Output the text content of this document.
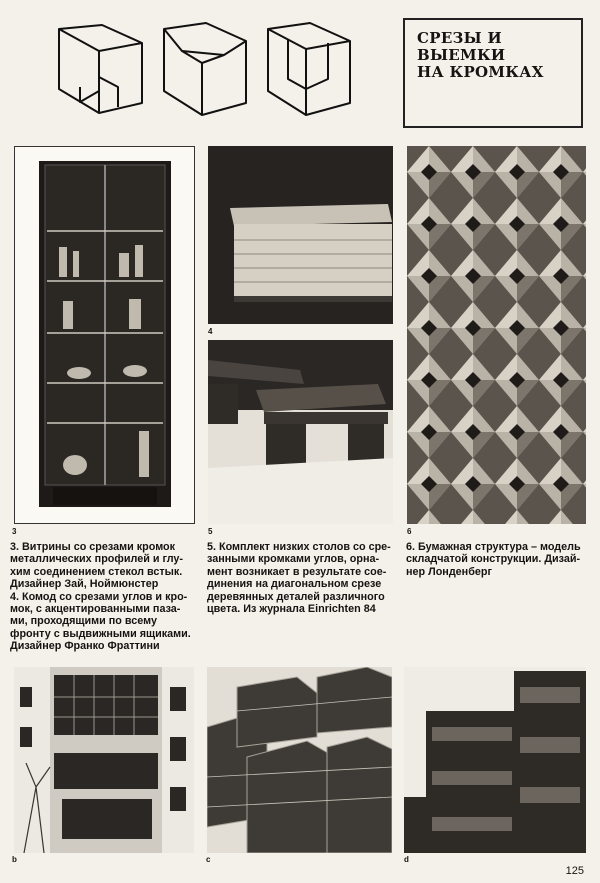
СРЕЗЫ И ВЫЕМКИ
НА КРОМКАХ
3
4
5	6
3. Витрины со срезами кромок
металлических профилей и глу-
хим соединением стекол встык.
Дизайнер Зай, Ноймюнстер
4. Комод со срезами углов и кро-
мок, с акцентированными паза-
ми, проходящими по всему
фронту с выдвижными ящиками.
Дизайнер Франко Фраттини
5. Комплект низких столов со сре-
занными кромками углов, орна-
мент возникает в результате сое-
динения на диагональном срезе
деревянных деталей различного
цвета. Из журнала Einrichten 84
6. Бумажная структура – модель
складчатой конструкции. Дизай-
нер Лонденберг
b	c	d
125
